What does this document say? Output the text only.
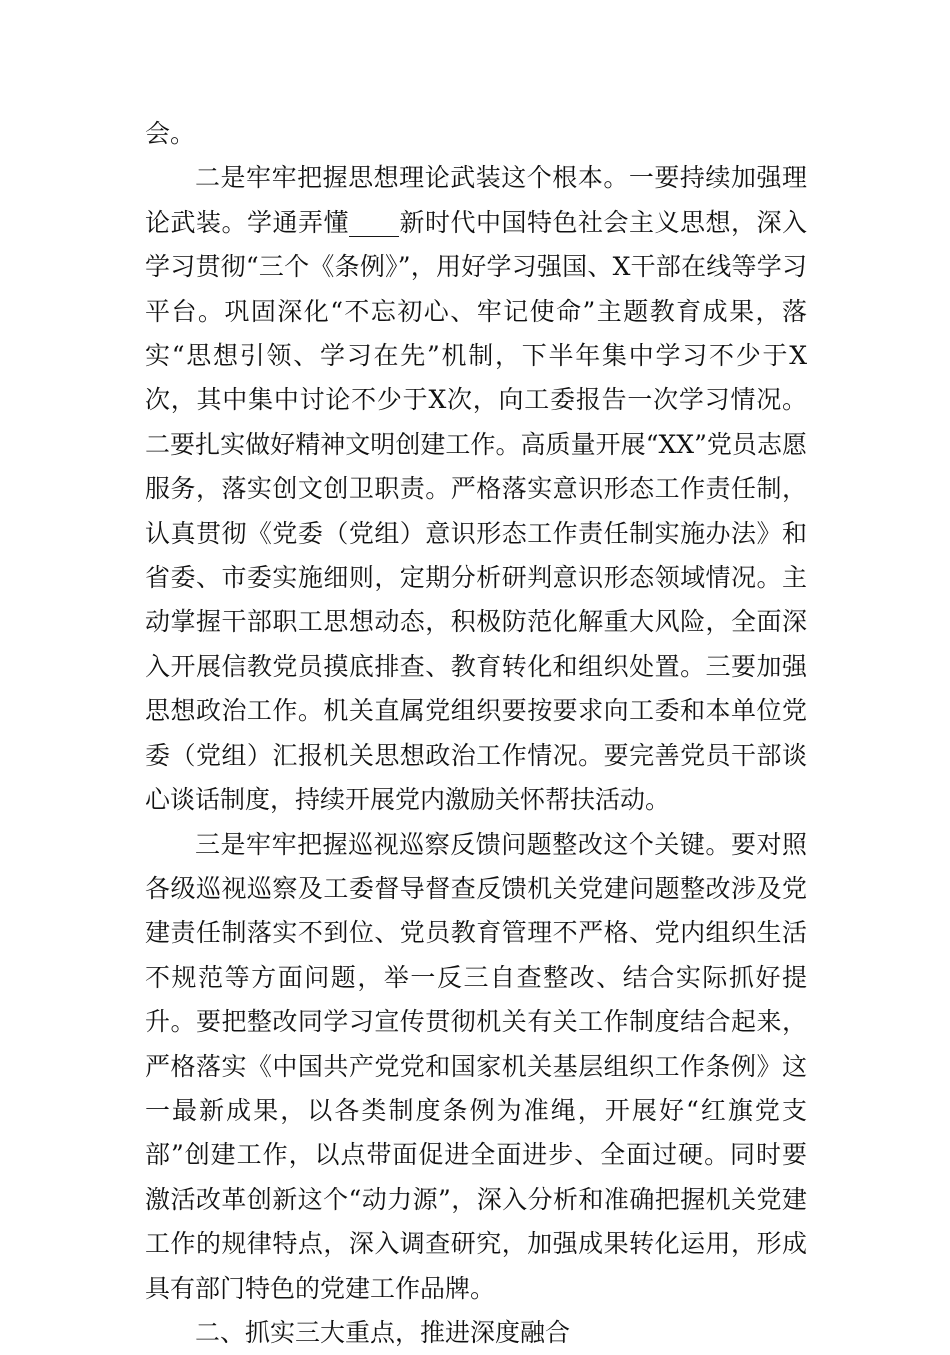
会。

二是牢牢把握思想理论武装这个根本。一要持续加强理论武装。学通弄懂____新时代中国特色社会主义思想，深入学习贯彻“三个《条例》”，用好学习强国、X干部在线等学习平台。巩固深化“不忘初心、牢记使命”主题教育成果，落实“思想引领、学习在先”机制，下半年集中学习不少于X次，其中集中讨论不少于X次，向工委报告一次学习情况。二要扎实做好精神文明创建工作。高质量开展“XX”党员志愿服务，落实创文创卫职责。严格落实意识形态工作责任制，认真贯彻《党委（党组）意识形态工作责任制实施办法》和省委、市委实施细则，定期分析研判意识形态领域情况。主动掌握干部职工思想动态，积极防范化解重大风险，全面深入开展信教党员摸底排查、教育转化和组织处置。三要加强思想政治工作。机关直属党组织要按要求向工委和本单位党委（党组）汇报机关思想政治工作情况。要完善党员干部谈心谈话制度，持续开展党内激励关怀帮扶活动。

三是牢牢把握巡视巡察反馈问题整改这个关键。要对照各级巡视巡察及工委督导督查反馈机关党建问题整改涉及党建责任制落实不到位、党员教育管理不严格、党内组织生活不规范等方面问题，举一反三自查整改、结合实际抓好提升。要把整改同学习宣传贯彻机关有关工作制度结合起来，严格落实《中国共产党党和国家机关基层组织工作条例》这一最新成果，以各类制度条例为准绳，开展好“红旗党支部”创建工作，以点带面促进全面进步、全面过硬。同时要激活改革创新这个“动力源”，深入分析和准确把握机关党建工作的规律特点，深入调查研究，加强成果转化运用，形成具有部门特色的党建工作品牌。

二、抓实三大重点，推进深度融合
